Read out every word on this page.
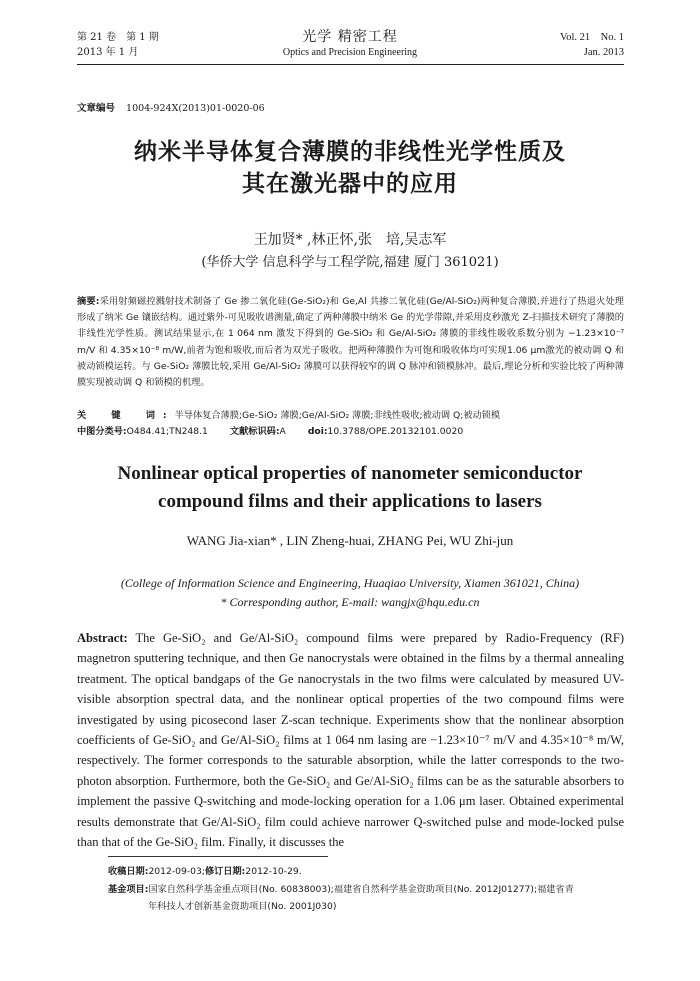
第 21 卷　第 1 期
2013 年 1 月
光学 精密工程
Optics and Precision Engineering
Vol. 21　No. 1
Jan. 2013
文章编号 1004-924X(2013)01-0020-06
纳米半导体复合薄膜的非线性光学性质及
其在激光器中的应用
王加贤* ,林正怀,张　培,吴志军
(华侨大学 信息科学与工程学院,福建 厦门 361021)
摘要:采用射频磁控溅射技术制备了 Ge 掺二氧化硅(Ge-SiO₂)和 Ge,Al 共掺二氧化硅(Ge/Al-SiO₂)两种复合薄膜,并进行了热退火处理形成了纳米 Ge 镶嵌结构。通过紫外-可见吸收谱测量,确定了两种薄膜中纳米 Ge 的光学带隙,并采用皮秒激光 Z-扫描技术研究了薄膜的非线性光学性质。测试结果显示,在 1 064 nm 激发下得到的 Ge-SiO₂ 和 Ge/Al-SiO₂ 薄膜的非线性吸收系数分别为 −1.23×10⁻⁷ m/V 和 4.35×10⁻⁸ m/W,前者为饱和吸收,而后者为双光子吸收。把两种薄膜作为可饱和吸收体均可实现1.06 μm激光的被动调 Q 和被动锁模运转。与 Ge-SiO₂ 薄膜比较,采用 Ge/Al-SiO₂ 薄膜可以获得较窄的调 Q 脉冲和锁模脉冲。最后,理论分析和实验比较了两种薄膜实现被动调 Q 和锁模的机理。
关　键　词:半导体复合薄膜;Ge-SiO₂ 薄膜;Ge/Al-SiO₂ 薄膜;非线性吸收;被动调 Q;被动锁模
中图分类号:O484.41;TN248.1 文献标识码:A doi:10.3788/OPE.20132101.0020
Nonlinear optical properties of nanometer semiconductor
compound films and their applications to lasers
WANG Jia-xian* , LIN Zheng-huai, ZHANG Pei, WU Zhi-jun
(College of Information Science and Engineering, Huaqiao University, Xiamen 361021, China)
* Corresponding author, E-mail: wangjx@hqu.edu.cn
Abstract: The Ge-SiO₂ and Ge/Al-SiO₂ compound films were prepared by Radio-Frequency (RF) magnetron sputtering technique, and then Ge nanocrystals were obtained in the films by a thermal annealing treatment. The optical bandgaps of the Ge nanocrystals in the two films were calculated by measured UV-visible absorption spectral data, and the nonlinear optical properties of the two compound films were investigated by using picosecond laser Z-scan technique. Experiments show that the nonlinear absorption coefficients of Ge-SiO₂ and Ge/Al-SiO₂ films at 1 064 nm lasing are −1.23×10⁻⁷ m/V and 4.35×10⁻⁸ m/W, respectively. The former corresponds to the saturable absorption, while the latter corresponds to the two-photon absorption. Furthermore, both the Ge-SiO₂ and Ge/Al-SiO₂ films can be as the saturable absorbers to implement the passive Q-switching and mode-locking operation for a 1.06 μm laser. Obtained experimental results demonstrate that Ge/Al-SiO₂ film could achieve narrower Q-switched pulse and mode-locked pulse than that of the Ge-SiO₂ film. Finally, it discusses the
收稿日期:2012-09-03;修订日期:2012-10-29.
基金项目:国家自然科学基金重点项目(No. 60838003);福建省自然科学基金资助项目(No. 2012J01277);福建省青
年科技人才创新基金资助项目(No. 2001J030)
